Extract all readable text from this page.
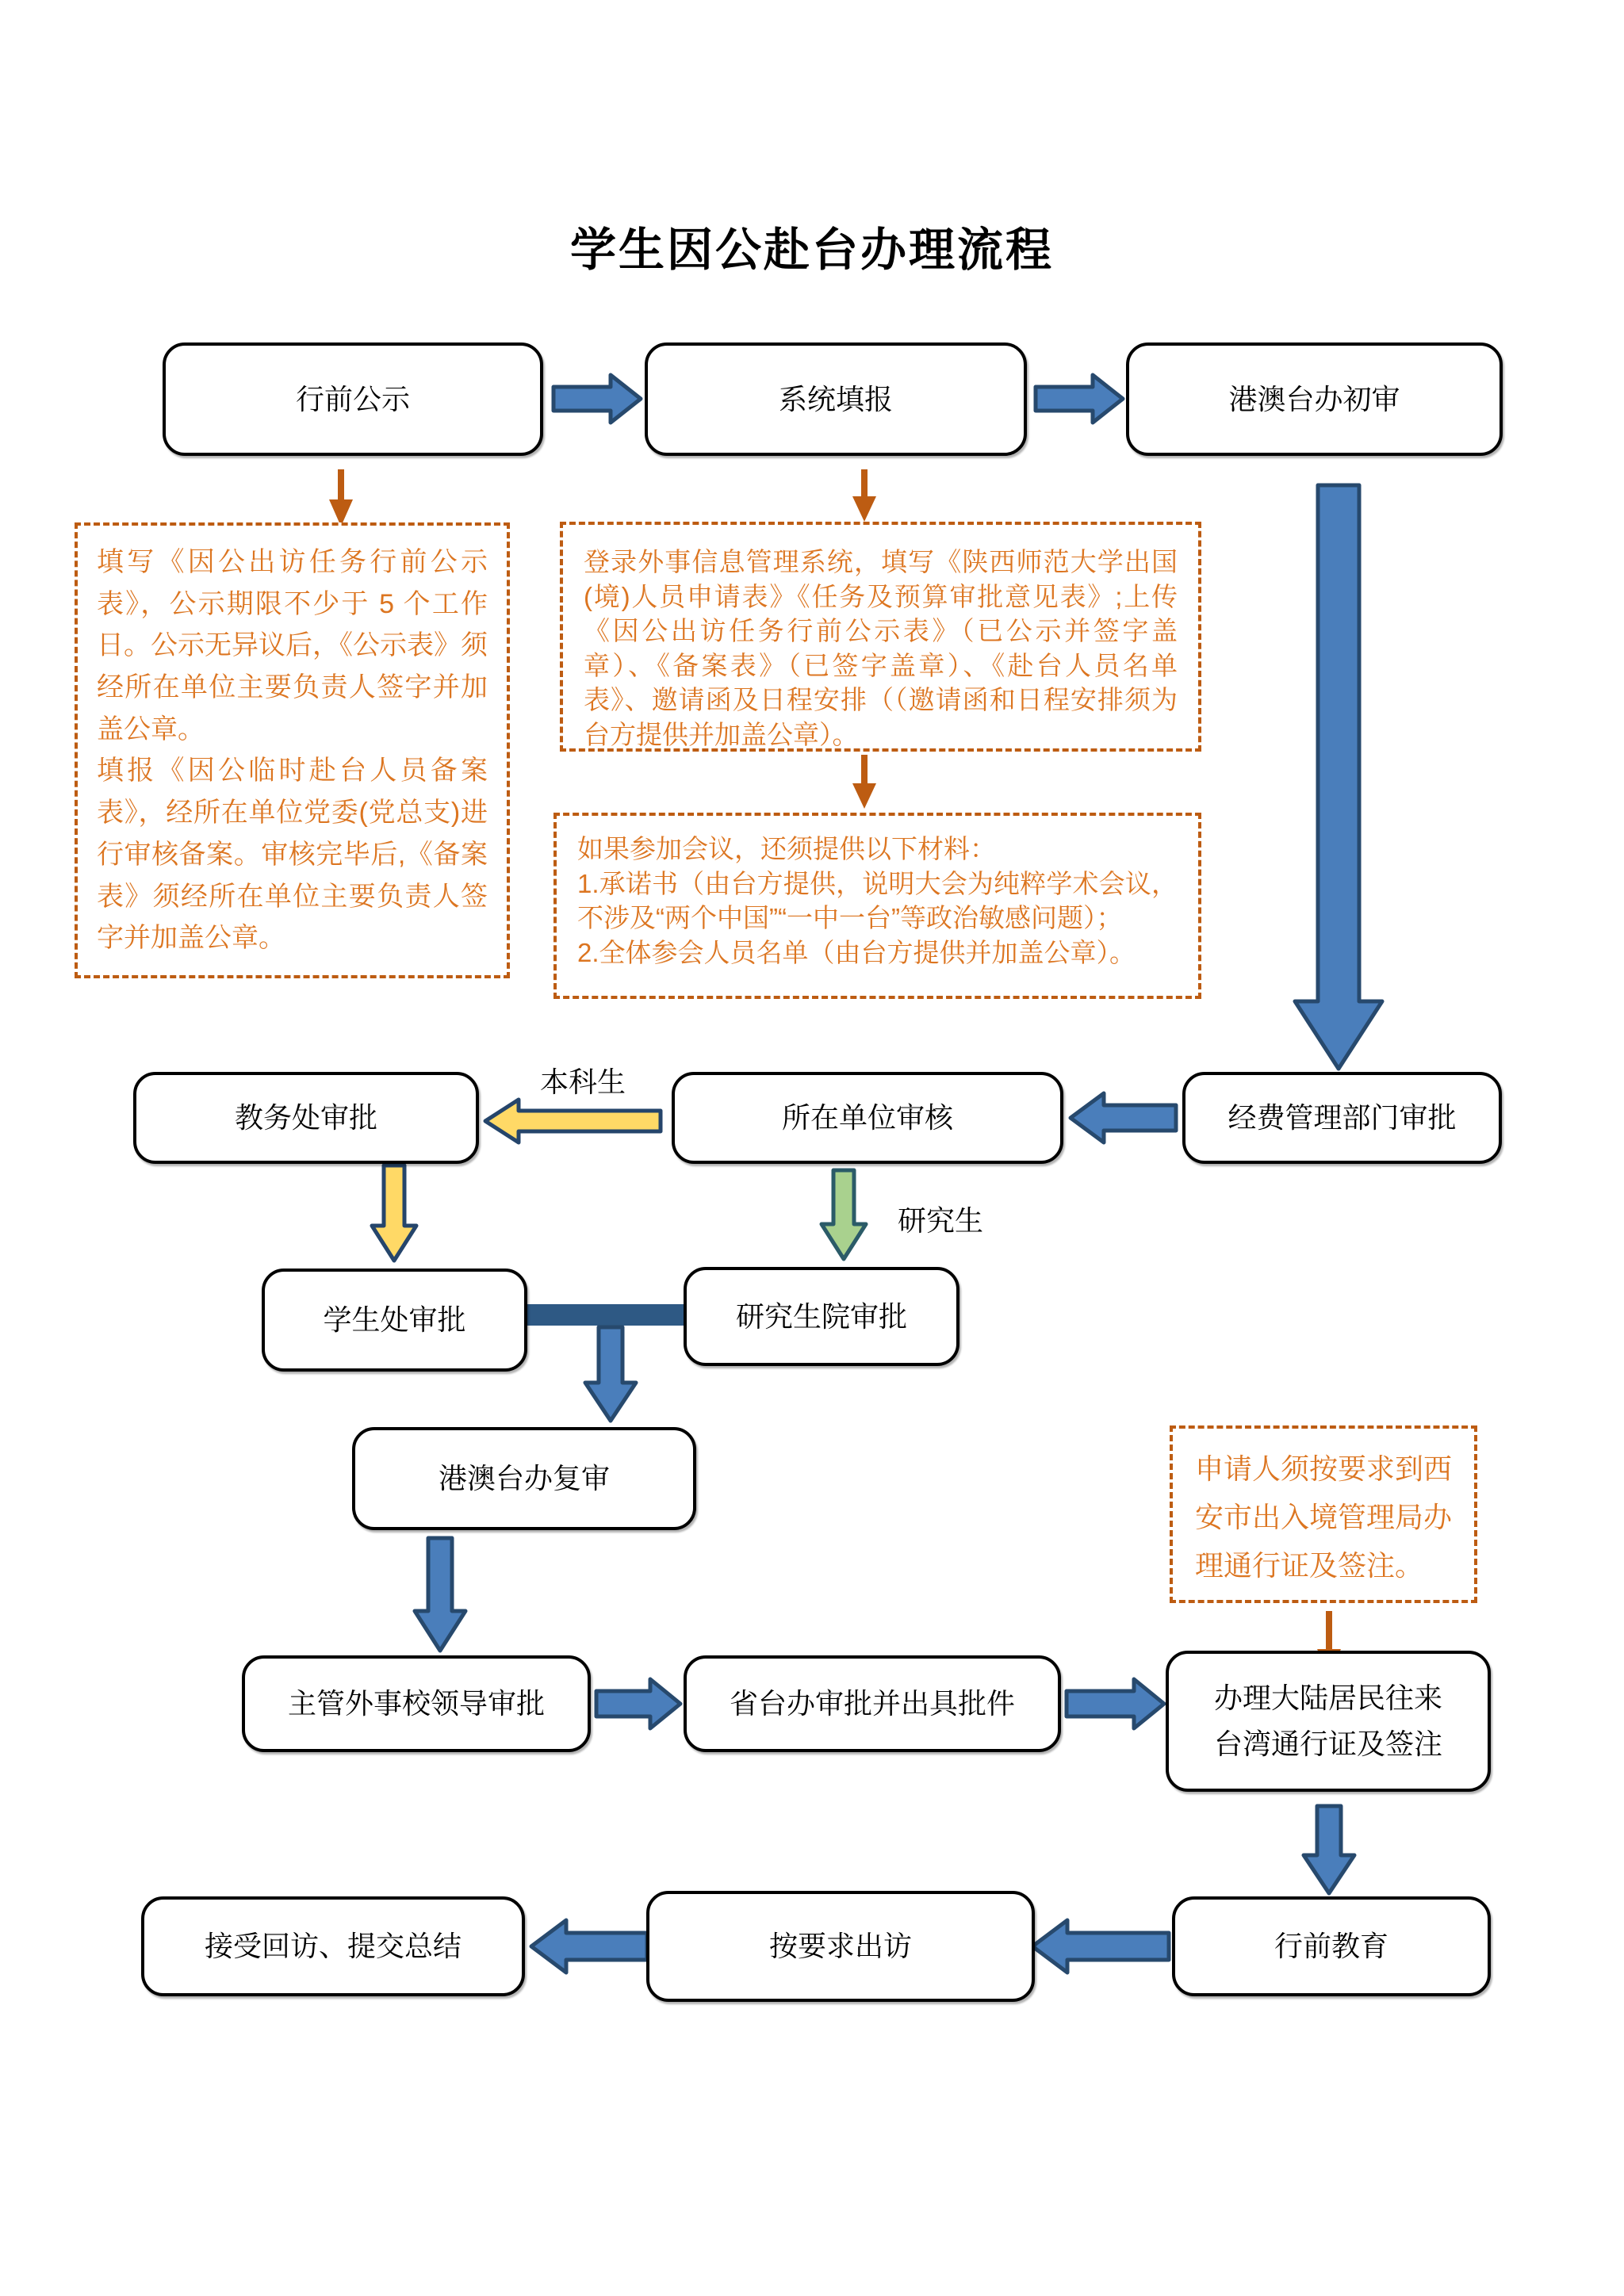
学生因公赴台办理流程
行前公示	系统填报	港澳台办初审

填写《因公出访任务行前公示表》，公示期限不少于 5 个工作日。公示无异议后，《公示表》须经所在单位主要负责人签字并加盖公章。

填报《因公临时赴台人员备案表》，经所在单位党委(党总支)进行审核备案。审核完毕后,《备案表》须经所在单位主要负责人签字并加盖公章。

登录外事信息管理系统，填写《陕西师范大学出国(境)人员申请表》《任务及预算审批意见表》;上传《因公出访任务行前公示表》（已公示并签字盖章）、《备案表》（已签字盖章）、《赴台人员名单表》、邀请函及日程安排（（邀请函和日程安排须为台方提供并加盖公章）。

如果参加会议，还须提供以下材料：

1.承诺书（由台方提供，说明大会为纯粹学术会议，不涉及“两个中国”“一中一台”等政治敏感问题）；

2.全体参会人员名单（由台方提供并加盖公章）。

教务处审批	所在单位审核	经费管理部门审批
本科生
研究生
学生处审批	研究生院审批
港澳台办复审	申请人须按要求到西安市出入境管理局办理通行证及签注。

主管外事校领导审批	省台办审批并出具批件	办理大陆居民往来台湾通行证及签注
接受回访、提交总结	按要求出访	行前教育
